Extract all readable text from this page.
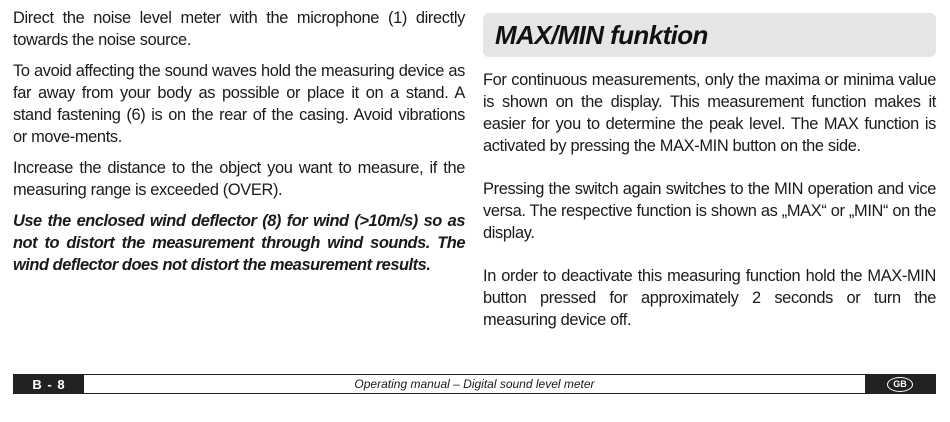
Direct the noise level meter with the microphone (1) directly towards the noise source.

To avoid affecting the sound waves hold the measuring device as far away from your body as possible or place it on a stand. A stand fastening (6) is on the rear of the casing. Avoid vibrations or move-ments.

Increase the distance to the object you want to measure, if the measuring range is exceeded (OVER).

Use the enclosed wind deflector (8) for wind (>10m/s) so as not to distort the measurement through wind sounds. The wind deflector does not distort the measurement results.

MAX/MIN funktion

For continuous measurements, only the maxima or minima value is shown on the display. This measurement function makes it easier for you to determine the peak level. The MAX function is activated by pressing the MAX-MIN button on the side.

Pressing the switch again switches to the MIN operation and vice versa. The respective function is shown as „MAX“ or „MIN“ on the display.

In order to deactivate this measuring function hold the MAX-MIN button pressed for approximately 2 seconds or turn the measuring device off.

B - 8	Operating manual – Digital sound level meter	GB
